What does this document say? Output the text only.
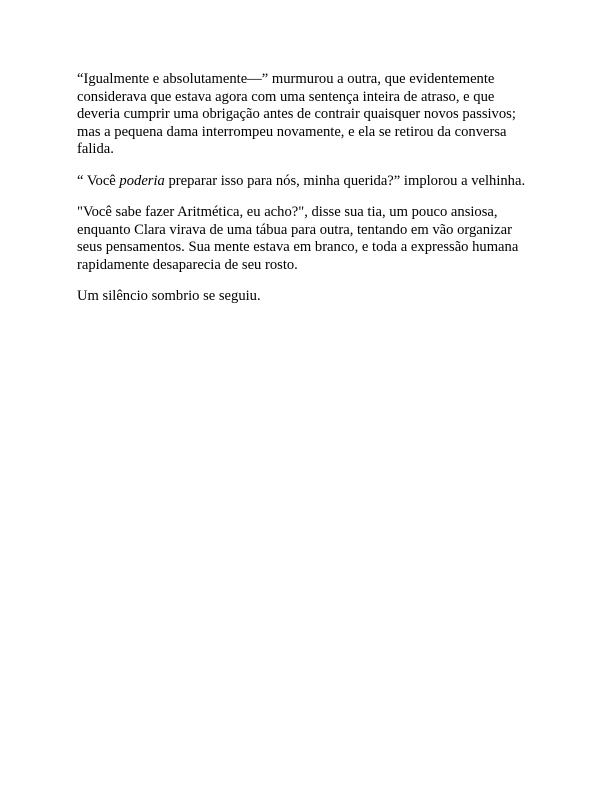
“Igualmente e absolutamente—” murmurou a outra, que evidentemente considerava que estava agora com uma sentença inteira de atraso, e que deveria cumprir uma obrigação antes de contrair quaisquer novos passivos; mas a pequena dama interrompeu novamente, e ela se retirou da conversa falida.

“ Você poderia preparar isso para nós, minha querida?” implorou a velhinha.

"Você sabe fazer Aritmética, eu acho?", disse sua tia, um pouco ansiosa, enquanto Clara virava de uma tábua para outra, tentando em vão organizar seus pensamentos. Sua mente estava em branco, e toda a expressão humana rapidamente desaparecia de seu rosto.

Um silêncio sombrio se seguiu.
